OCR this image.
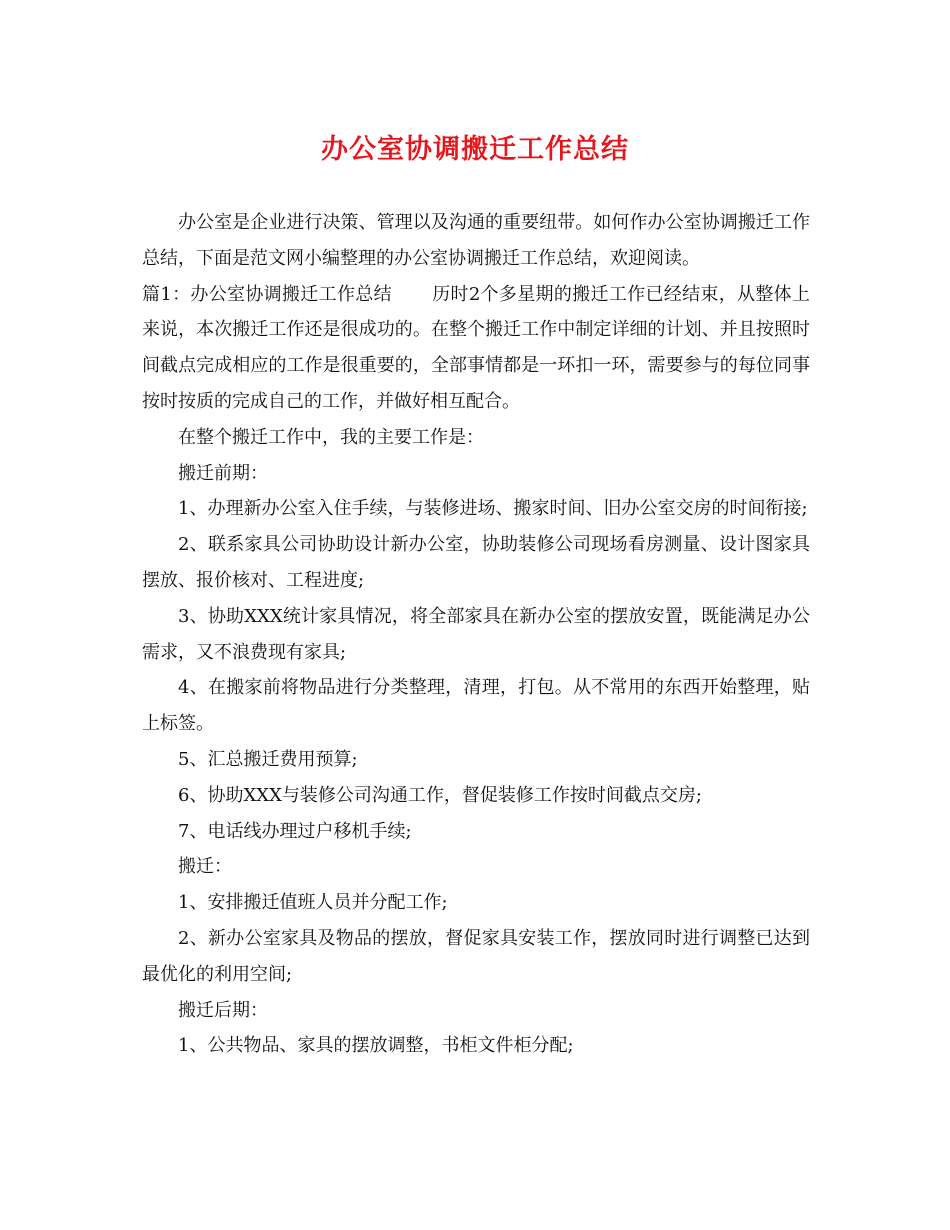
办公室协调搬迁工作总结

办公室是企业进行决策、管理以及沟通的重要纽带。如何作办公室协调搬迁工作总结，下面是范文网小编整理的办公室协调搬迁工作总结，欢迎阅读。

篇1：办公室协调搬迁工作总结 历时2个多星期的搬迁工作已经结束，从整体上来说，本次搬迁工作还是很成功的。在整个搬迁工作中制定详细的计划、并且按照时间截点完成相应的工作是很重要的，全部事情都是一环扣一环，需要参与的每位同事按时按质的完成自己的工作，并做好相互配合。

在整个搬迁工作中，我的主要工作是：

搬迁前期：

1、办理新办公室入住手续，与装修进场、搬家时间、旧办公室交房的时间衔接;

2、联系家具公司协助设计新办公室，协助装修公司现场看房测量、设计图家具摆放、报价核对、工程进度;

3、协助XXX统计家具情况，将全部家具在新办公室的摆放安置，既能满足办公需求，又不浪费现有家具;

4、在搬家前将物品进行分类整理，清理，打包。从不常用的东西开始整理，贴上标签。

5、汇总搬迁费用预算;

6、协助XXX与装修公司沟通工作，督促装修工作按时间截点交房;

7、电话线办理过户移机手续;

搬迁：

1、安排搬迁值班人员并分配工作;

2、新办公室家具及物品的摆放，督促家具安装工作，摆放同时进行调整已达到最优化的利用空间;

搬迁后期：

1、公共物品、家具的摆放调整，书柜文件柜分配;
